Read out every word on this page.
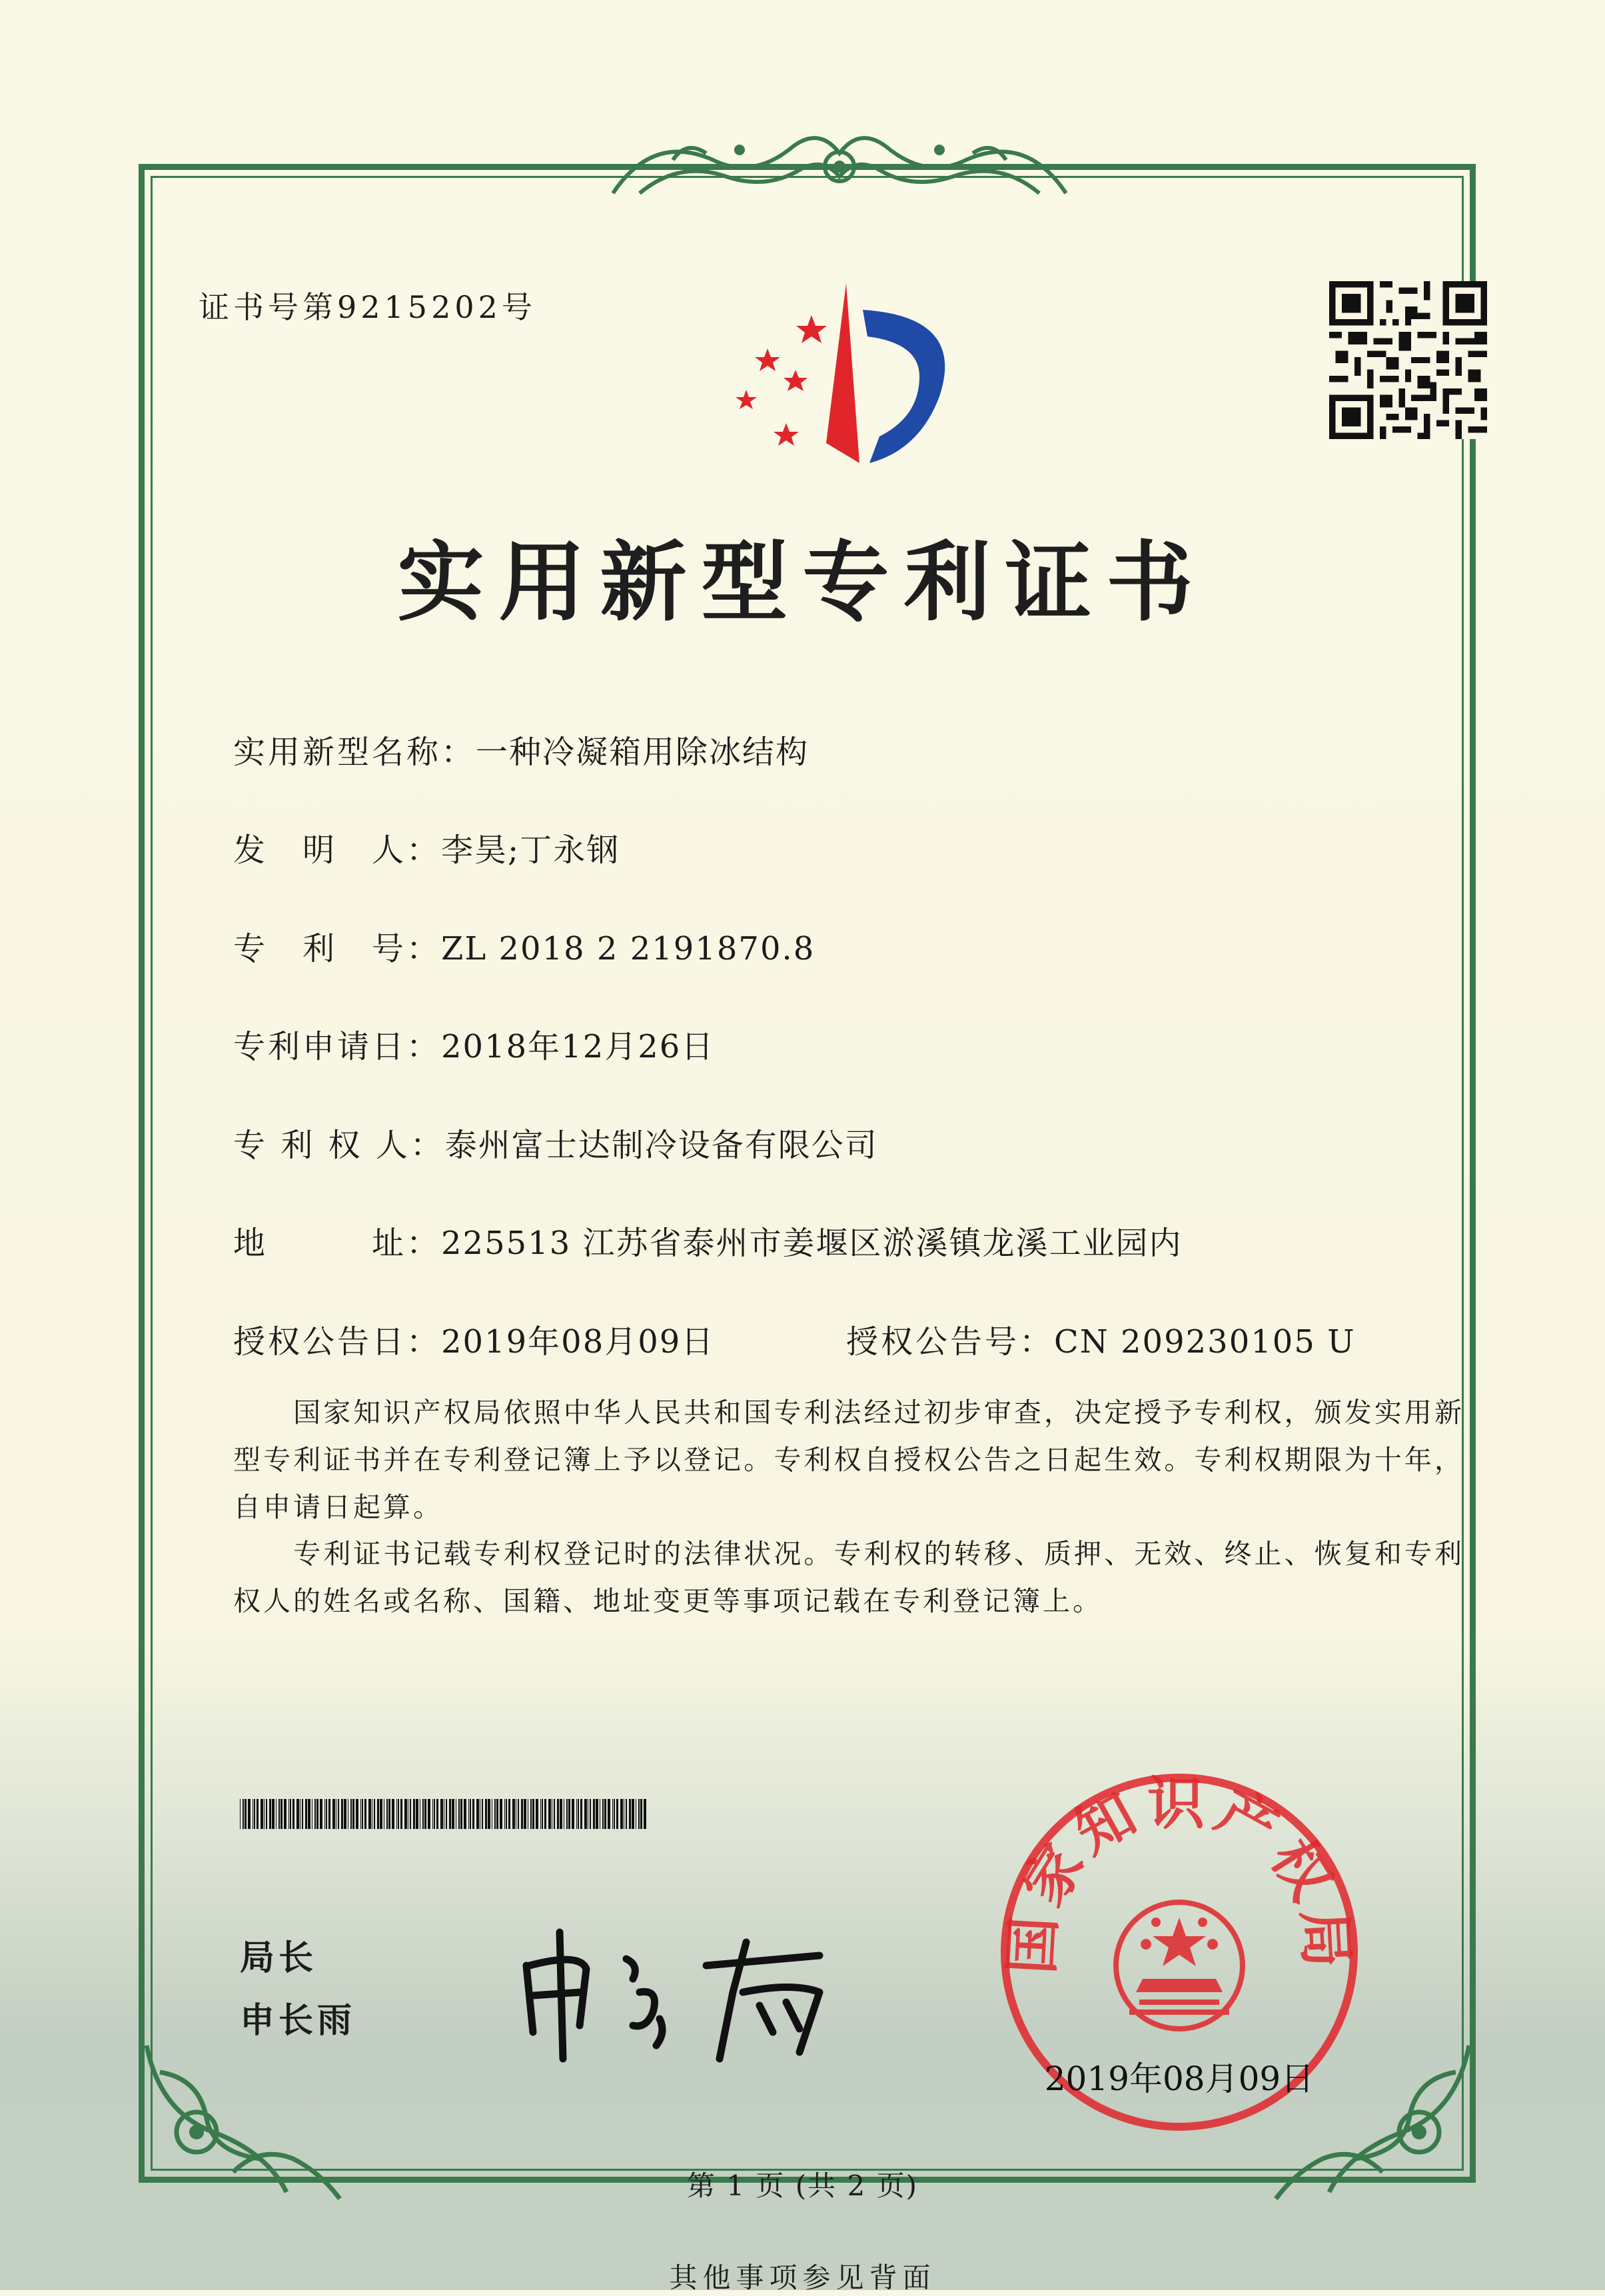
证书号第9215202号
实用新型专利证书
实用新型名称：一种冷凝箱用除冰结构
发　明　人：李昊;丁永钢
专　利　号：ZL 2018 2 2191870.8
专利申请日：2018年12月26日
专 利 权 人：泰州富士达制冷设备有限公司
地　　　址：225513 江苏省泰州市姜堰区淤溪镇龙溪工业园内
授权公告日：2019年08月09日	授权公告号：CN 209230105 U
　　国家知识产权局依照中华人民共和国专利法经过初步审查，决定授予专利权，颁发实用新型专利证书并在专利登记簿上予以登记。专利权自授权公告之日起生效。专利权期限为十年，自申请日起算。
　　专利证书记载专利权登记时的法律状况。专利权的转移、质押、无效、终止、恢复和专利权人的姓名或名称、国籍、地址变更等事项记载在专利登记簿上。
局长
申长雨
国家知识产权局
2019年08月09日
第 1 页 (共 2 页)
其他事项参见背面
